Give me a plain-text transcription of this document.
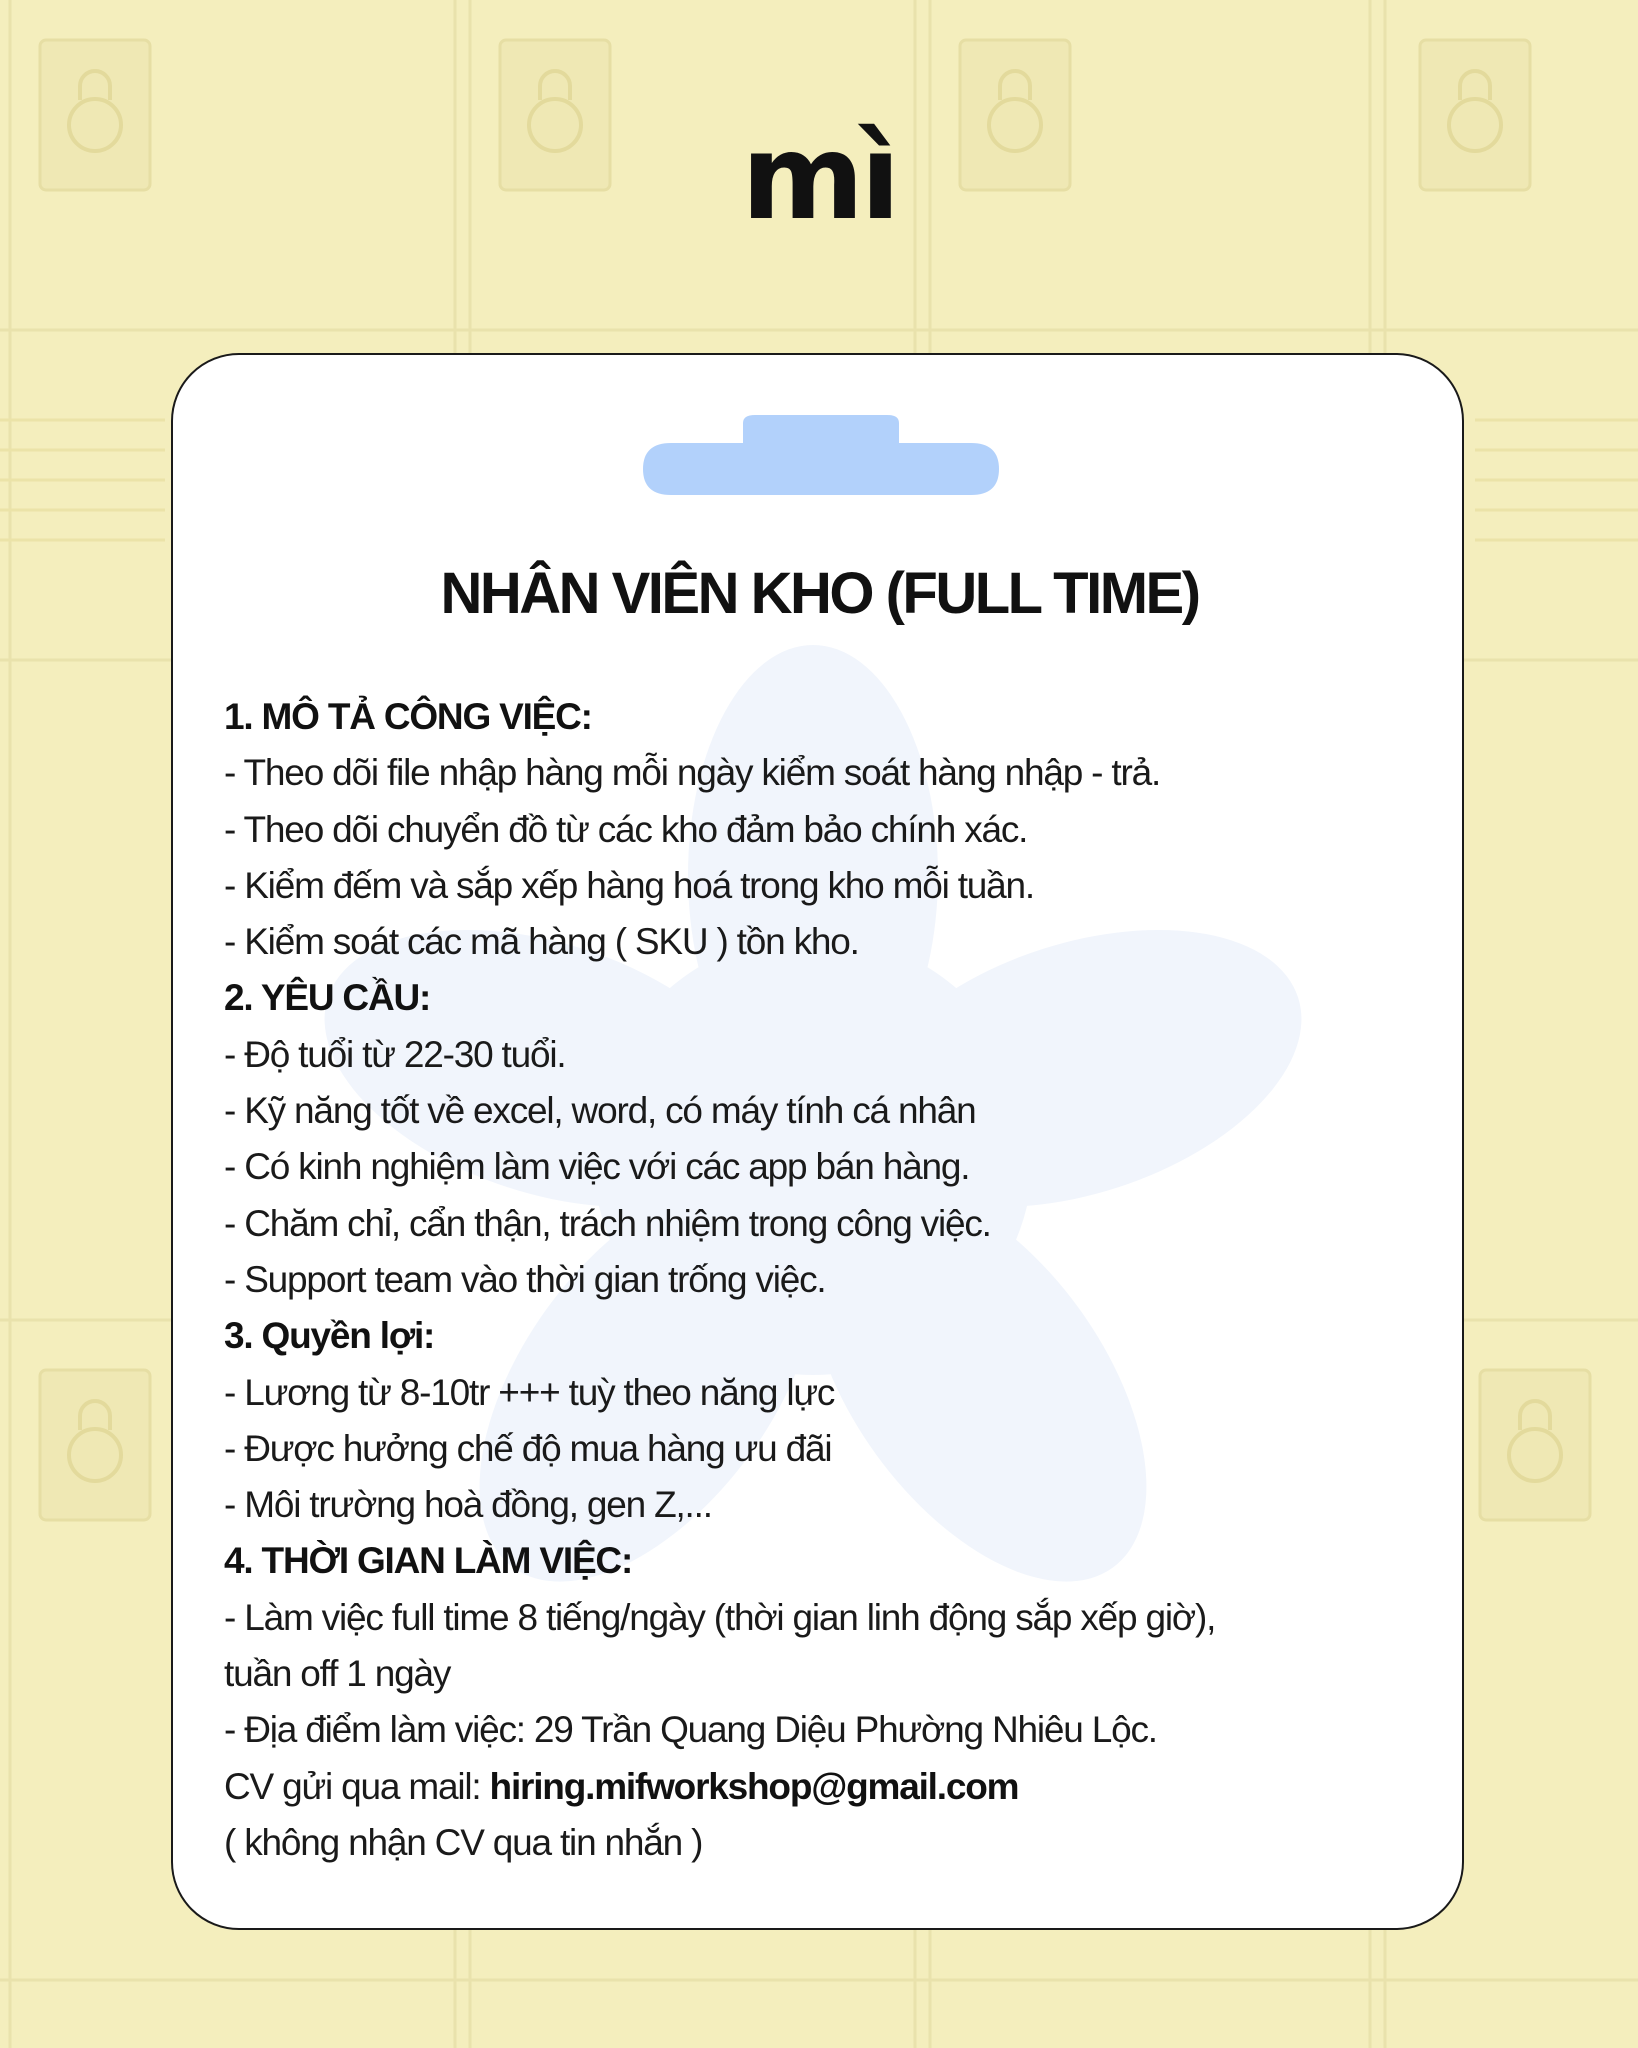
mì
NHÂN VIÊN KHO (FULL TIME)
1. MÔ TẢ CÔNG VIỆC:
- Theo dõi file nhập hàng mỗi ngày kiểm soát hàng nhập - trả.
- Theo dõi chuyển đồ từ các kho đảm bảo chính xác.
- Kiểm đếm và sắp xếp hàng hoá trong kho mỗi tuần.
- Kiểm soát các mã hàng ( SKU ) tồn kho.
2. YÊU CẦU:
- Độ tuổi từ 22-30 tuổi.
- Kỹ năng tốt về excel, word, có máy tính cá nhân
- Có kinh nghiệm làm việc với các app bán hàng.
- Chăm chỉ, cẩn thận, trách nhiệm trong công việc.
- Support team vào thời gian trống việc.
3. Quyền lợi:
- Lương từ 8-10tr +++ tuỳ theo năng lực
- Được hưởng chế độ mua hàng ưu đãi
- Môi trường hoà đồng, gen Z,...
4. THỜI GIAN LÀM VIỆC:
- Làm việc full time 8 tiếng/ngày (thời gian linh động sắp xếp giờ),
tuần off 1 ngày
- Địa điểm làm việc: 29 Trần Quang Diệu Phường Nhiêu Lộc.
CV gửi qua mail: hiring.mifworkshop@gmail.com
( không nhận CV qua tin nhắn )
